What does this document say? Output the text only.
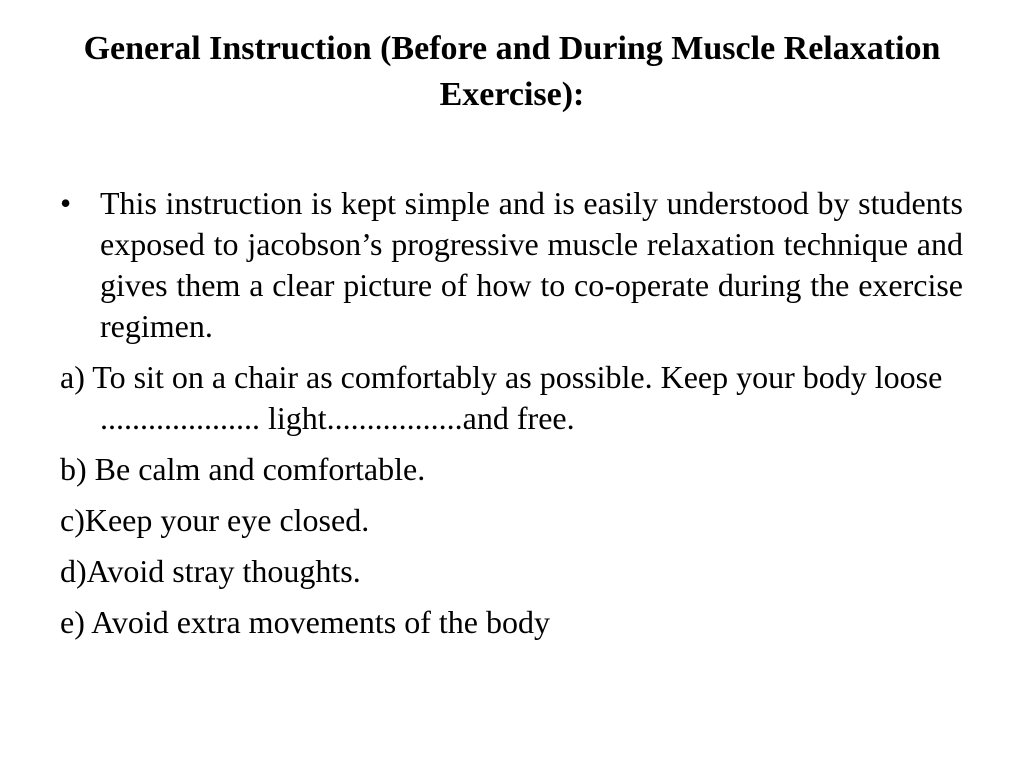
General Instruction (Before and During Muscle Relaxation Exercise):
• This instruction is kept simple and is easily understood by students exposed to jacobson’s progressive muscle relaxation technique and gives them a clear picture of how to co-operate during the exercise regimen.

a) To sit on a chair as comfortably as possible. Keep your body loose .................... light.................and free.

b) Be calm and comfortable.

c)Keep your eye closed.

d)Avoid stray thoughts.

e) Avoid extra movements of the body
